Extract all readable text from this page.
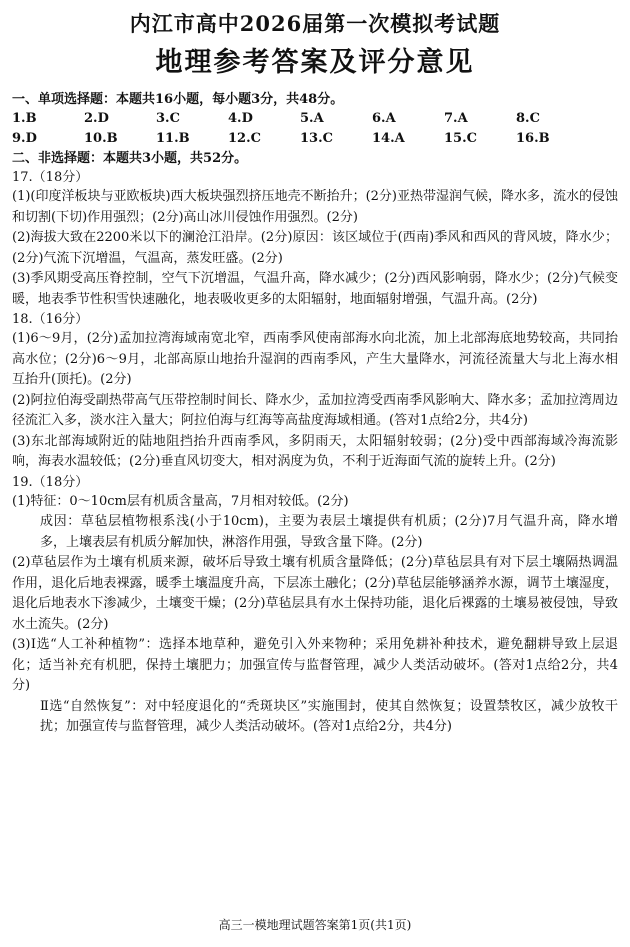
内江市高中2026届第一次模拟考试题
地理参考答案及评分意见
一、单项选择题：本题共16小题，每小题3分，共48分。
1.B	2.D	3.C	4.D	5.A	6.A	7.A	8.C
9.D	10.B	11.B	12.C	13.C	14.A	15.C	16.B
二、非选择题：本题共3小题，共52分。
17.（18分）

(1)(印度洋板块与亚欧板块)西大板块强烈挤压地壳不断抬升；(2分)亚热带湿润气候，降水多，流水的侵蚀和切割(下切)作用强烈；(2分)高山冰川侵蚀作用强烈。(2分)

(2)海拔大致在2200米以下的澜沧江沿岸。(2分)原因：该区域位于(西南)季风和西风的背风坡，降水少；(2分)气流下沉增温，气温高，蒸发旺盛。(2分)

(3)季风期受高压脊控制，空气下沉增温，气温升高，降水减少；(2分)西风影响弱，降水少；(2分)气候变暖，地表季节性积雪快速融化，地表吸收更多的太阳辐射，地面辐射增强，气温升高。(2分)

18.（16分）

(1)6～9月，(2分)孟加拉湾海域南宽北窄，西南季风使南部海水向北流，加上北部海底地势较高，共同抬高水位；(2分)6～9月，北部高原山地抬升湿润的西南季风，产生大量降水，河流径流量大与北上海水相互抬升(顶托)。(2分)

(2)阿拉伯海受副热带高气压带控制时间长、降水少，孟加拉湾受西南季风影响大、降水多；孟加拉湾周边径流汇入多，淡水注入量大；阿拉伯海与红海等高盐度海域相通。(答对1点给2分，共4分)

(3)东北部海域附近的陆地阻挡抬升西南季风，多阴雨天，太阳辐射较弱；(2分)受中西部海域冷海流影响，海表水温较低；(2分)垂直风切变大，相对涡度为负，不利于近海面气流的旋转上升。(2分)

19.（18分）

(1)特征：0～10cm层有机质含量高，7月相对较低。(2分)

成因：草毡层植物根系浅(小于10cm)，主要为表层土壤提供有机质；(2分)7月气温升高，降水增多，上壤表层有机质分解加快，淋溶作用强，导致含量下降。(2分)

(2)草毡层作为土壤有机质来源，破坏后导致土壤有机质含量降低；(2分)草毡层具有对下层土壤隔热调温作用，退化后地表裸露，暖季土壤温度升高，下层冻土融化；(2分)草毡层能够涵养水源，调节土壤湿度，退化后地表水下渗减少，土壤变干燥；(2分)草毡层具有水土保持功能，退化后裸露的土壤易被侵蚀，导致水土流失。(2分)

(3)Ⅰ选“人工补种植物”：选择本地草种，避免引入外来物种；采用免耕补种技术，避免翻耕导致上层退化；适当补充有机肥，保持土壤肥力；加强宣传与监督管理，减少人类活动破坏。(答对1点给2分，共4分)

Ⅱ选“自然恢复”：对中轻度退化的“秃斑块区”实施围封，使其自然恢复；设置禁牧区，减少放牧干扰；加强宣传与监督管理，减少人类活动破坏。(答对1点给2分，共4分)

高三一模地理试题答案第1页(共1页)
